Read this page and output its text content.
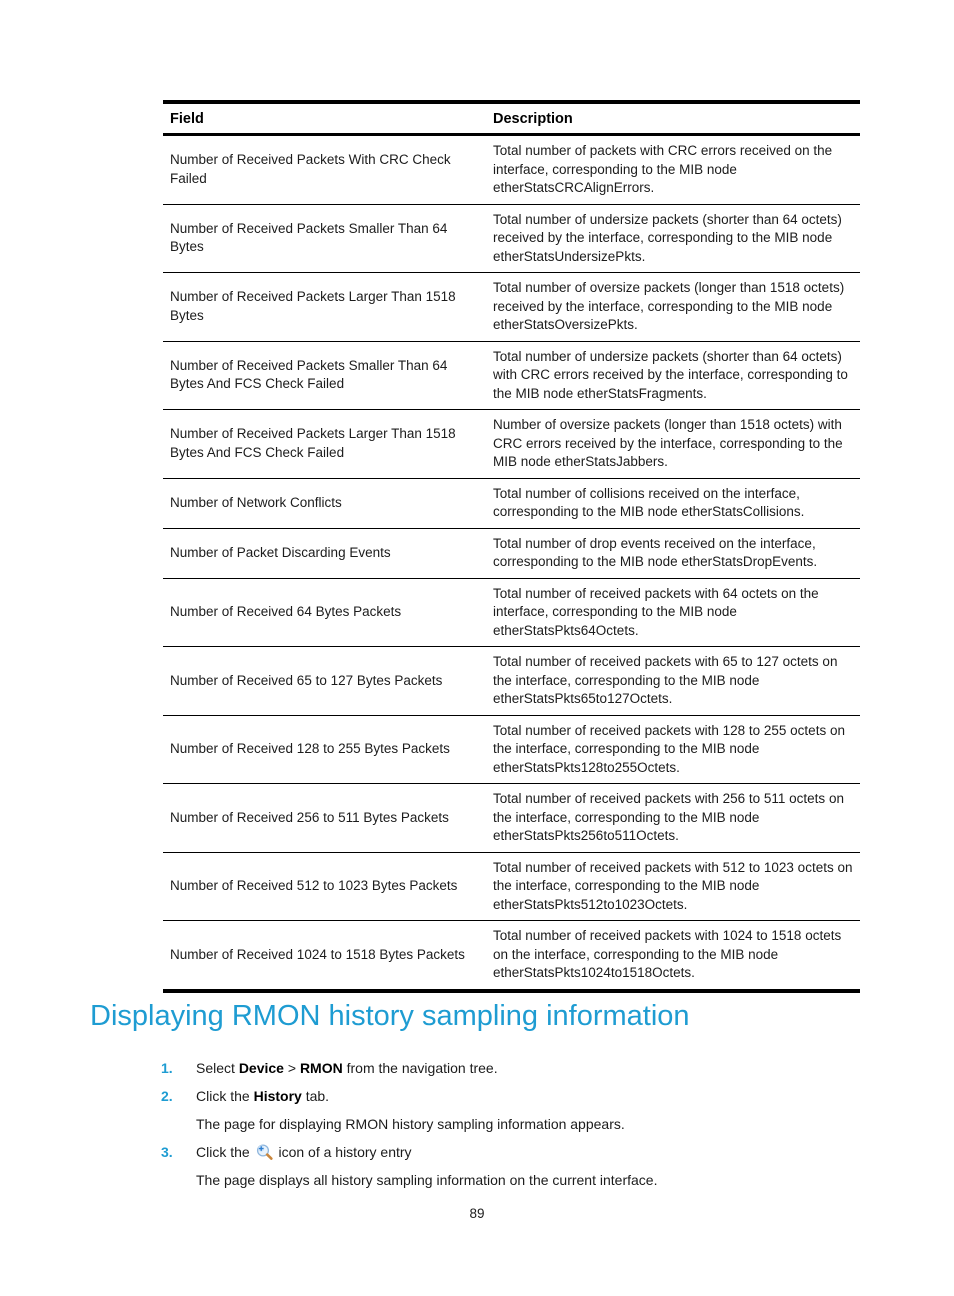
Field	Description
Number of Received Packets With CRC Check Failed	Total number of packets with CRC errors received on the interface, corresponding to the MIB node etherStatsCRCAlignErrors.
Number of Received Packets Smaller Than 64 Bytes	Total number of undersize packets (shorter than 64 octets) received by the interface, corresponding to the MIB node etherStatsUndersizePkts.
Number of Received Packets Larger Than 1518 Bytes	Total number of oversize packets (longer than 1518 octets) received by the interface, corresponding to the MIB node etherStatsOversizePkts.
Number of Received Packets Smaller Than 64 Bytes And FCS Check Failed	Total number of undersize packets (shorter than 64 octets) with CRC errors received by the interface, corresponding to the MIB node etherStatsFragments.
Number of Received Packets Larger Than 1518 Bytes And FCS Check Failed	Number of oversize packets (longer than 1518 octets) with CRC errors received by the interface, corresponding to the MIB node etherStatsJabbers.
Number of Network Conflicts	Total number of collisions received on the interface, corresponding to the MIB node etherStatsCollisions.
Number of Packet Discarding Events	Total number of drop events received on the interface, corresponding to the MIB node etherStatsDropEvents.
Number of Received 64 Bytes Packets	Total number of received packets with 64 octets on the interface, corresponding to the MIB node etherStatsPkts64Octets.
Number of Received 65 to 127 Bytes Packets	Total number of received packets with 65 to 127 octets on the interface, corresponding to the MIB node etherStatsPkts65to127Octets.
Number of Received 128 to 255 Bytes Packets	Total number of received packets with 128 to 255 octets on the interface, corresponding to the MIB node etherStatsPkts128to255Octets.
Number of Received 256 to 511 Bytes Packets	Total number of received packets with 256 to 511 octets on the interface, corresponding to the MIB node etherStatsPkts256to511Octets.
Number of Received 512 to 1023 Bytes Packets	Total number of received packets with 512 to 1023 octets on the interface, corresponding to the MIB node etherStatsPkts512to1023Octets.
Number of Received 1024 to 1518 Bytes Packets	Total number of received packets with 1024 to 1518 octets on the interface, corresponding to the MIB node etherStatsPkts1024to1518Octets.
Displaying RMON history sampling information
1.	Select Device > RMON from the navigation tree.
2.	Click the History tab.
The page for displaying RMON history sampling information appears.
3.	Click the  icon of a history entry
The page displays all history sampling information on the current interface.
89
